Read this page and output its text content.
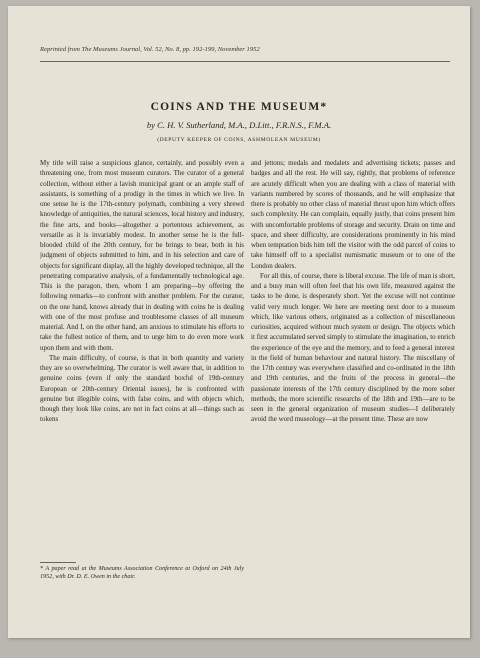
Reprinted from The Museums Journal, Vol. 52, No. 8, pp. 192-199, November 1952
COINS AND THE MUSEUM*
by C. H. V. Sutherland, M.A., D.Litt., F.R.N.S., F.M.A.
(DEPUTY KEEPER OF COINS, ASHMOLEAN MUSEUM)

My title will raise a suspicious glance, certainly, and possibly even a threatening one, from most museum curators. The curator of a general collection, without either a lavish municipal grant or an ample staff of assistants, is something of a prodigy in the times in which we live. In one sense he is the 17th-century polymath, combining a very shrewd knowledge of antiquities, the natural sciences, local history and industry, the fine arts, and books—altogether a portentous achievement, as versatile as it is invariably modest. In another sense he is the full-blooded child of the 20th century, for he brings to bear, both in his judgment of objects submitted to him, and in his selection and care of objects for significant display, all the highly developed technique, all the penetrating comparative analysis, of a fundamentally technological age. This is the paragon, then, whom I am preparing—by offering the following remarks—to confront with another problem. For the curator, on the one hand, knows already that in dealing with coins he is dealing with one of the most profuse and troublesome classes of all museum material. And I, on the other hand, am anxious to stimulate his efforts to take the fullest notice of them, and to urge him to do even more work upon them and with them.

The main difficulty, of course, is that in both quantity and variety they are so overwhelming. The curator is well aware that, in addition to genuine coins (even if only the standard boxful of 19th-century European or 20th-century Oriental issues), he is confronted with genuine but illegible coins, with false coins, and with objects which, though they look like coins, are not in fact coins at all—things such as tokens

and jettons; medals and medalets and advertising tickets; passes and badges and all the rest. He will say, rightly, that problems of reference are acutely difficult when you are dealing with a class of material with variants numbered by scores of thousands, and he will emphasize that there is probably no other class of material thrust upon him which offers such complexity. He can complain, equally justly, that coins present him with uncomfortable problems of storage and security. Drain on time and space, and sheer difficulty, are considerations prominently in his mind when temptation bids him tell the visitor with the odd parcel of coins to take himself off to a specialist numismatic museum or to one of the London dealers.

For all this, of course, there is liberal excuse. The life of man is short, and a busy man will often feel that his own life, measured against the tasks to be done, is desperately short. Yet the excuse will not continue valid very much longer. We here are meeting next door to a museum which, like various others, originated as a collection of miscellaneous curiosities, acquired without much system or design. The objects which it first accumulated served simply to stimulate the imagination, to enrich the experience of the eye and the memory, and to feed a general interest in the field of human behaviour and natural history. The miscellany of the 17th century was everywhere classified and co-ordinated in the 18th and 19th centuries, and the fruits of the process in general—the passionate interests of the 17th century disciplined by the more sober methods, the more scientific researchs of the 18th and 19th—are to be seen in the general organization of museum studies—I deliberately avoid the word museology—at the present time. These are now

* A paper read at the Museums Association Conference at Oxford on 24th July 1952, with Dr. D. E. Owen in the chair.
